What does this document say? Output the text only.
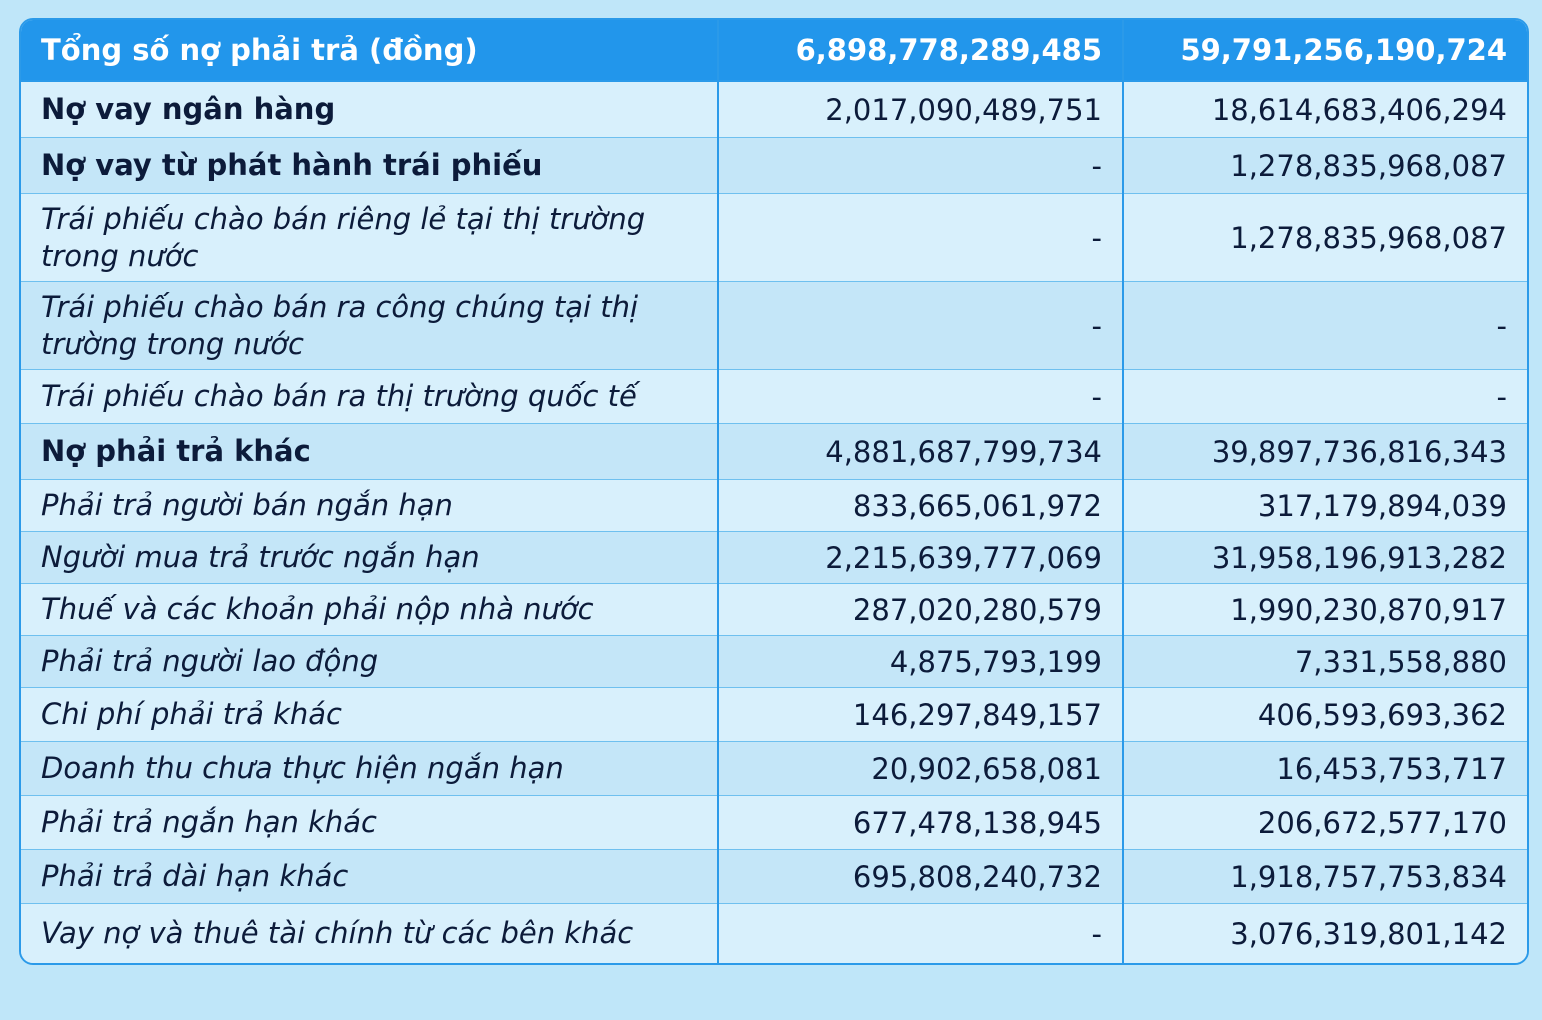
Tổng số nợ phải trả (đồng)	6,898,778,289,485	59,791,256,190,724
Nợ vay ngân hàng	2,017,090,489,751	18,614,683,406,294
Nợ vay từ phát hành trái phiếu	-	1,278,835,968,087
Trái phiếu chào bán riêng lẻ tại thị trường trong nước	-	1,278,835,968,087
Trái phiếu chào bán ra công chúng tại thị trường trong nước	-	-
Trái phiếu chào bán ra thị trường quốc tế	-	-
Nợ phải trả khác	4,881,687,799,734	39,897,736,816,343
Phải trả người bán ngắn hạn	833,665,061,972	317,179,894,039
Người mua trả trước ngắn hạn	2,215,639,777,069	31,958,196,913,282
Thuế và các khoản phải nộp nhà nước	287,020,280,579	1,990,230,870,917
Phải trả người lao động	4,875,793,199	7,331,558,880
Chi phí phải trả khác	146,297,849,157	406,593,693,362
Doanh thu chưa thực hiện ngắn hạn	20,902,658,081	16,453,753,717
Phải trả ngắn hạn khác	677,478,138,945	206,672,577,170
Phải trả dài hạn khác	695,808,240,732	1,918,757,753,834
Vay nợ và thuê tài chính từ các bên khác	-	3,076,319,801,142
